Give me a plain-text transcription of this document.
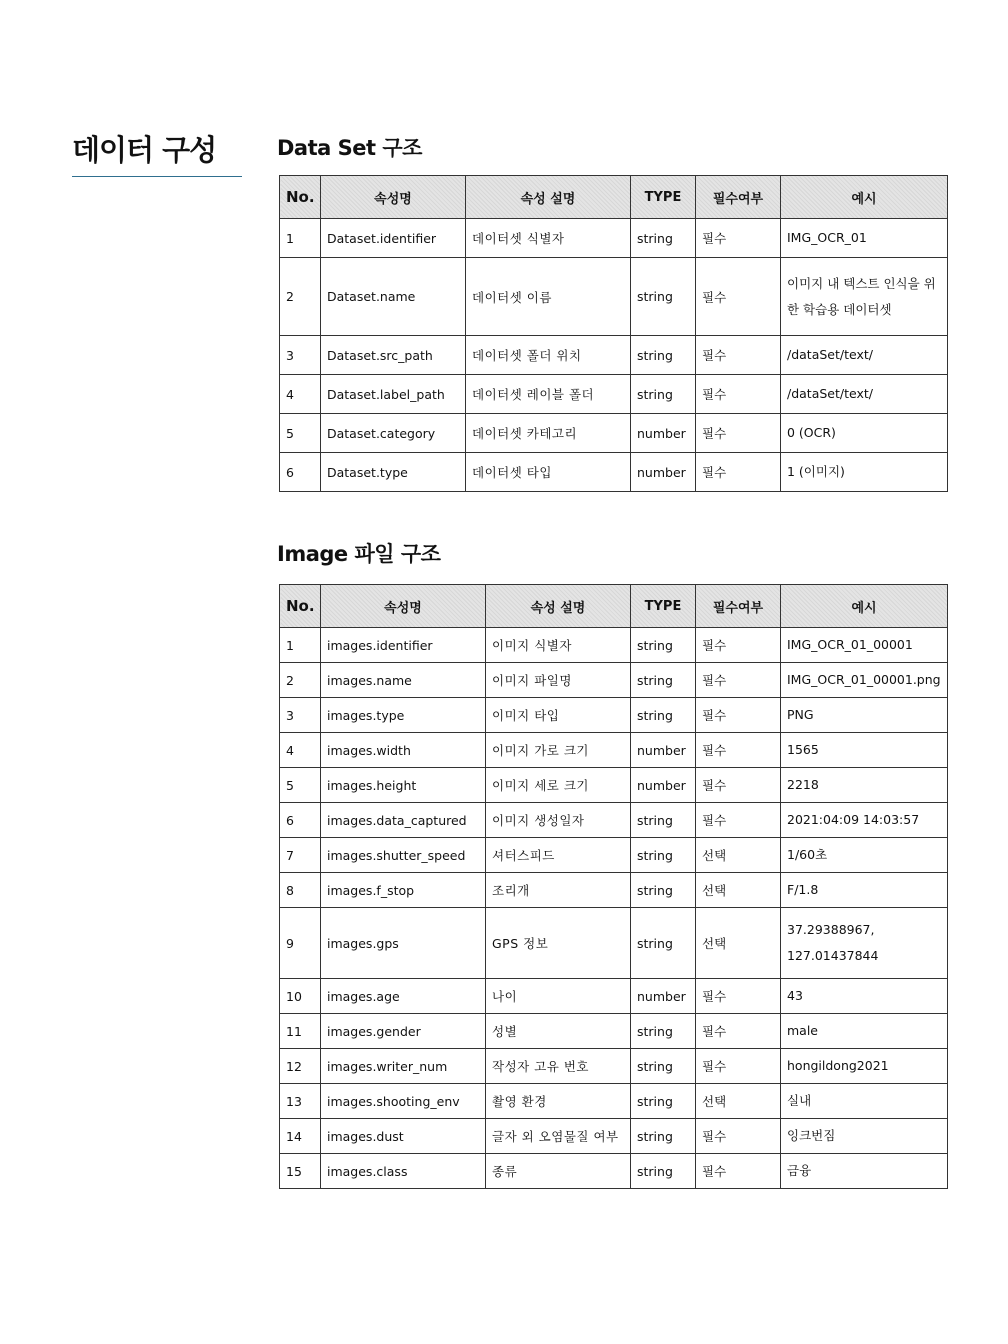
데이터 구성	Data Set 구조
No.	속성명	속성 설명	TYPE	필수여부	예시
1	Dataset.identifier	데이터셋 식별자	string	필수	IMG_OCR_01
2	Dataset.name	데이터셋 이름	string	필수	이미지 내 텍스트 인식을 위한 학습용 데이터셋
3	Dataset.src_path	데이터셋 폴더 위치	string	필수	/dataSet/text/
4	Dataset.label_path	데이터셋 레이블 폴더	string	필수	/dataSet/text/
5	Dataset.category	데이터셋 카테고리	number	필수	0 (OCR)
6	Dataset.type	데이터셋 타입	number	필수	1 (이미지)
Image 파일 구조
No.	속성명	속성 설명	TYPE	필수여부	예시
1	images.identifier	이미지 식별자	string	필수	IMG_OCR_01_00001
2	images.name	이미지 파일명	string	필수	IMG_OCR_01_00001.png
3	images.type	이미지 타입	string	필수	PNG
4	images.width	이미지 가로 크기	number	필수	1565
5	images.height	이미지 세로 크기	number	필수	2218
6	images.data_captured	이미지 생성일자	string	필수	2021:04:09 14:03:57
7	images.shutter_speed	셔터스피드	string	선택	1/60초
8	images.f_stop	조리개	string	선택	F/1.8
9	images.gps	GPS 정보	string	선택	37.29388967, 127.01437844
10	images.age	나이	number	필수	43
11	images.gender	성별	string	필수	male
12	images.writer_num	작성자 고유 번호	string	필수	hongildong2021
13	images.shooting_env	촬영 환경	string	선택	실내
14	images.dust	글자 외 오염물질 여부	string	필수	잉크번짐
15	images.class	종류	string	필수	금융
